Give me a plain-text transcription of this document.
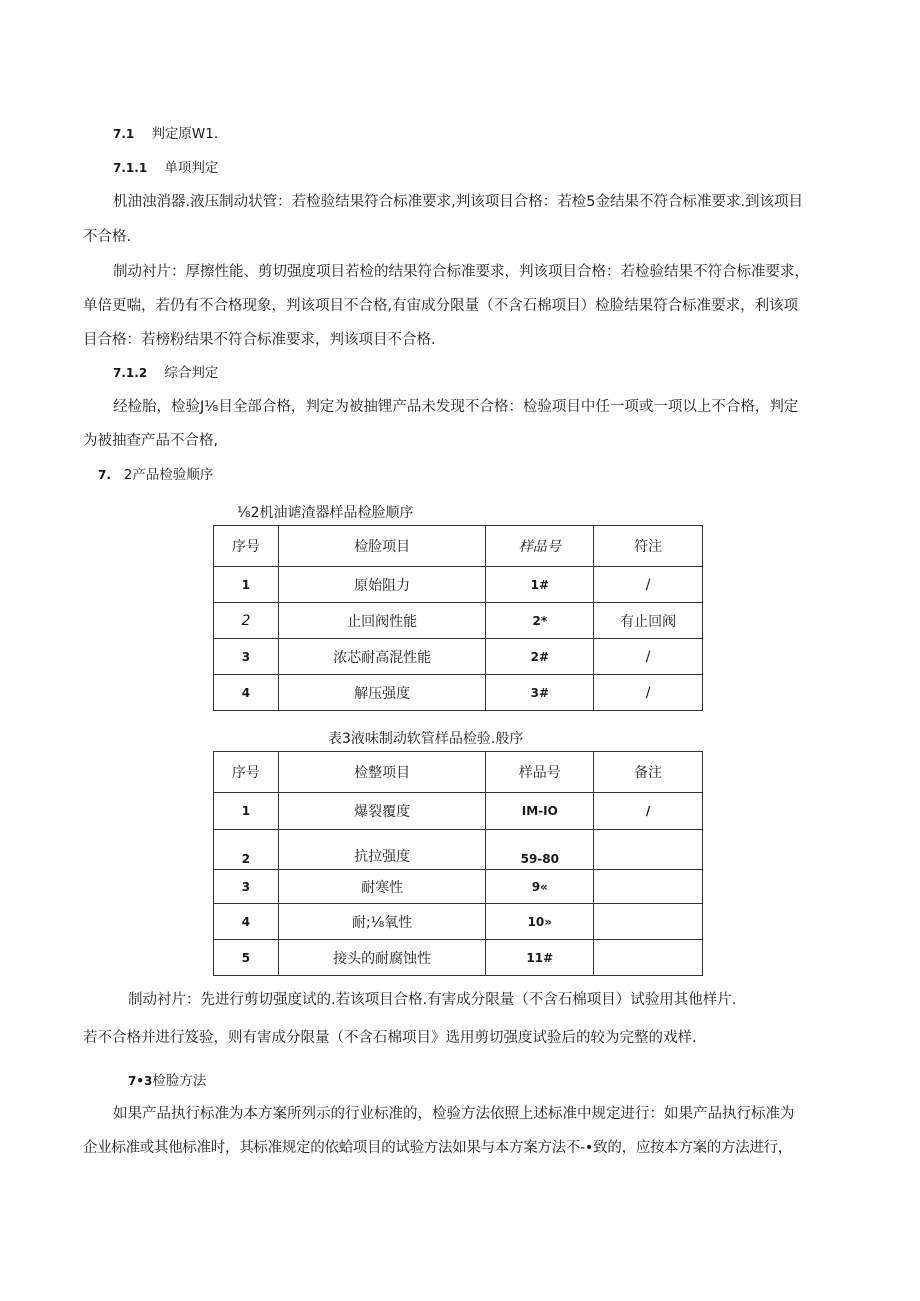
7.1 判定原W1.
7.1.1 单项判定
机油浊消器.液压制动状管：若检验结果符合标准要求,判该项目合格：若检5金结果不符合标准要求.到该项目
不合格.
制动衬片：厚擦性能、剪切强度项目若检的结果符合标准要求，判该项目合格：若检验结果不符合标准要求，
单倍更喘，若仍有不合格现象，判该项目不合格,有宙成分限量（不含石棉项目）检脸结果符合标准要求，利该项
目合格：若榜粉结果不符合标准要求，判该项目不合格.
7.1.2 综合判定
经检胎，检验J⅛目全部合格，判定为被抽锂产品未发现不合格：检验项目中任一项或一项以上不合格，判定
为被抽查产品不合格,
7. 2产品检验顺序
⅛2机油谑渣器样品检脸顺序
序号	检脸项目	样品号	符注
1	原始阻力	1#	/
2	止回阀性能	2*	有止回阀
3	浓芯耐高混性能	2#	/
4	解压强度	3#	/
表3液味制动软管样品检验.般序
序号	检整项目	样品号	备注
1	爆裂覆度	IM-IO	/
2	抗拉强度	59-80	
3	耐寒性	9«	
4	耐;⅛氧性	10»	
5	接头的耐腐蚀性	11#	
制动衬片：先进行剪切强度试的.若该项目合格.有害成分限量（不含石棉项目）试验用其他样片.
若不合格并进行笈验，则有害成分限量（不含石棉项目》选用剪切强度试验后的较为完整的戏样.
7•3检脸方法
如果产品执行标准为本方案所列示的行业标准的，检验方法依照上述标准中规定进行：如果产品执行标准为
企业标准或其他标准时，其标准规定的依蛤项目的试验方法如果与本方案方法不-•致的，应按本方案的方法进行，
